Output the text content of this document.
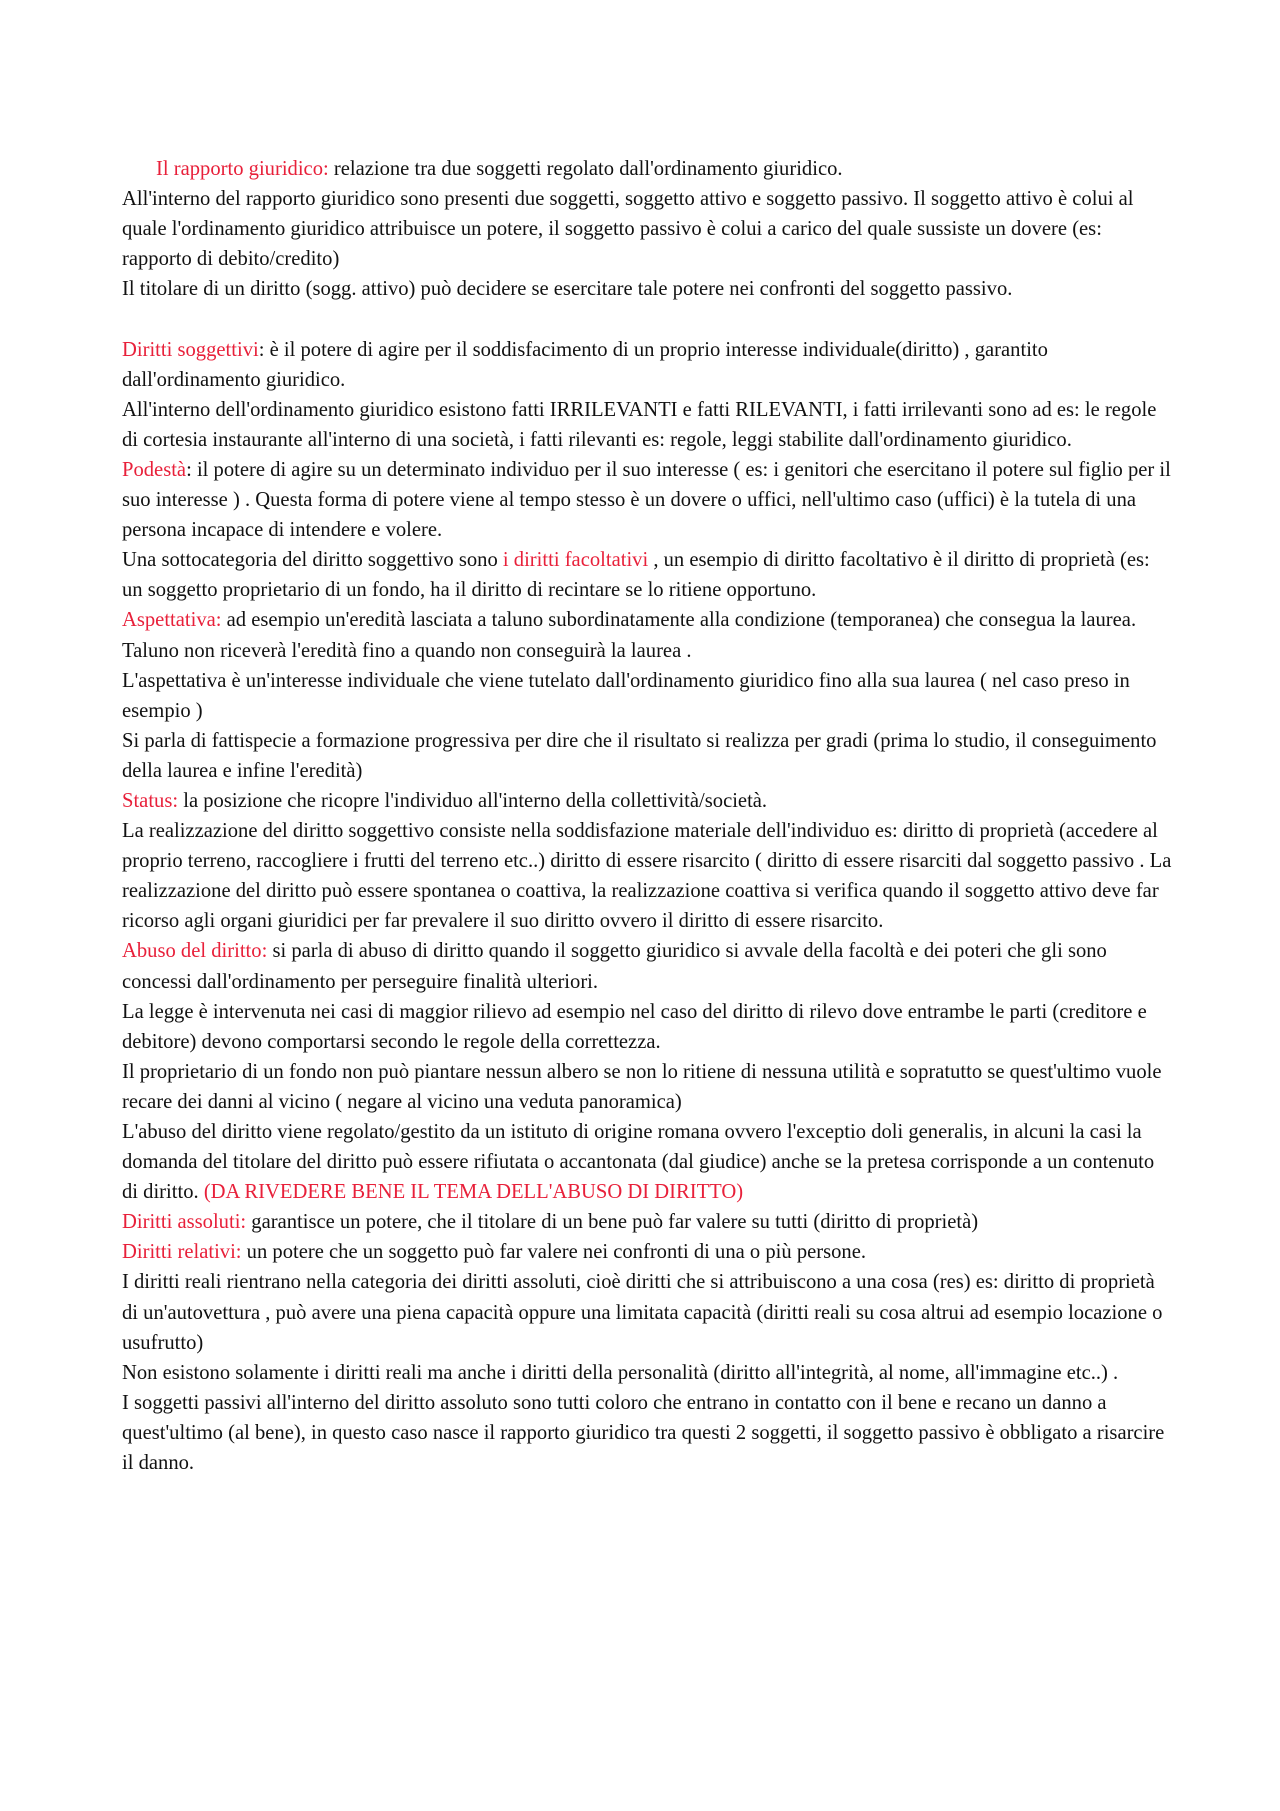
Il rapporto giuridico: relazione tra due soggetti regolato dall'ordinamento giuridico.

All'interno del rapporto giuridico sono presenti due soggetti, soggetto attivo e soggetto passivo. Il soggetto attivo è colui al quale l'ordinamento giuridico attribuisce un potere, il soggetto passivo è colui a carico del quale sussiste un dovere (es: rapporto di debito/credito)

Il titolare di un diritto (sogg. attivo) può decidere se esercitare tale potere nei confronti del soggetto passivo.

Diritti soggettivi: è il potere di agire per il soddisfacimento di un proprio interesse individuale(diritto) , garantito dall'ordinamento giuridico.

All'interno dell'ordinamento giuridico esistono fatti IRRILEVANTI e fatti RILEVANTI, i fatti irrilevanti sono ad es: le regole di cortesia instaurante all'interno di una società, i fatti rilevanti es: regole, leggi stabilite dall'ordinamento giuridico.

Podestà: il potere di agire su un determinato individuo per il suo interesse ( es: i genitori che esercitano il potere sul figlio per il suo interesse ) . Questa forma di potere viene al tempo stesso è un dovere o uffici, nell'ultimo caso (uffici) è la tutela di una persona incapace di intendere e volere.

Una sottocategoria del diritto soggettivo sono i diritti facoltativi , un esempio di diritto facoltativo è il diritto di proprietà (es: un soggetto proprietario di un fondo, ha il diritto di recintare se lo ritiene opportuno.

Aspettativa: ad esempio un'eredità lasciata a taluno subordinatamente alla condizione (temporanea) che consegua la laurea. Taluno non riceverà l'eredità fino a quando non conseguirà la laurea .

L'aspettativa è un'interesse individuale che viene tutelato dall'ordinamento giuridico fino alla sua laurea ( nel caso preso in esempio )

Si parla di fattispecie a formazione progressiva per dire che il risultato si realizza per gradi (prima lo studio, il conseguimento della laurea e infine l'eredità)

Status: la posizione che ricopre l'individuo all'interno della collettività/società.

La realizzazione del diritto soggettivo consiste nella soddisfazione materiale dell'individuo es: diritto di proprietà (accedere al proprio terreno, raccogliere i frutti del terreno etc..) diritto di essere risarcito ( diritto di essere risarciti dal soggetto passivo . La realizzazione del diritto può essere spontanea o coattiva, la realizzazione coattiva si verifica quando il soggetto attivo deve far ricorso agli organi giuridici per far prevalere il suo diritto ovvero il diritto di essere risarcito.

Abuso del diritto: si parla di abuso di diritto quando il soggetto giuridico si avvale della facoltà e dei poteri che gli sono concessi dall'ordinamento per perseguire finalità ulteriori.

La legge è intervenuta nei casi di maggior rilievo ad esempio nel caso del diritto di rilevo dove entrambe le parti (creditore e debitore) devono comportarsi secondo le regole della correttezza.

Il proprietario di un fondo non può piantare nessun albero se non lo ritiene di nessuna utilità e sopratutto se quest'ultimo vuole recare dei danni al vicino ( negare al vicino una veduta panoramica)

L'abuso del diritto viene regolato/gestito da un istituto di origine romana ovvero l'exceptio doli generalis, in alcuni la casi la domanda del titolare del diritto può essere rifiutata o accantonata (dal giudice) anche se la pretesa corrisponde a un contenuto di diritto. (DA RIVEDERE BENE IL TEMA DELL'ABUSO DI DIRITTO)

Diritti assoluti: garantisce un potere, che il titolare di un bene può far valere su tutti (diritto di proprietà)

Diritti relativi: un potere che un soggetto può far valere nei confronti di una o più persone.

I diritti reali rientrano nella categoria dei diritti assoluti, cioè diritti che si attribuiscono a una cosa (res) es: diritto di proprietà di un'autovettura , può avere una piena capacità oppure una limitata capacità (diritti reali su cosa altrui ad esempio locazione o usufrutto)

Non esistono solamente i diritti reali ma anche i diritti della personalità (diritto all'integrità, al nome, all'immagine etc..) .

I soggetti passivi all'interno del diritto assoluto sono tutti coloro che entrano in contatto con il bene e recano un danno a quest'ultimo (al bene), in questo caso nasce il rapporto giuridico tra questi 2 soggetti, il soggetto passivo è obbligato a risarcire il danno.
